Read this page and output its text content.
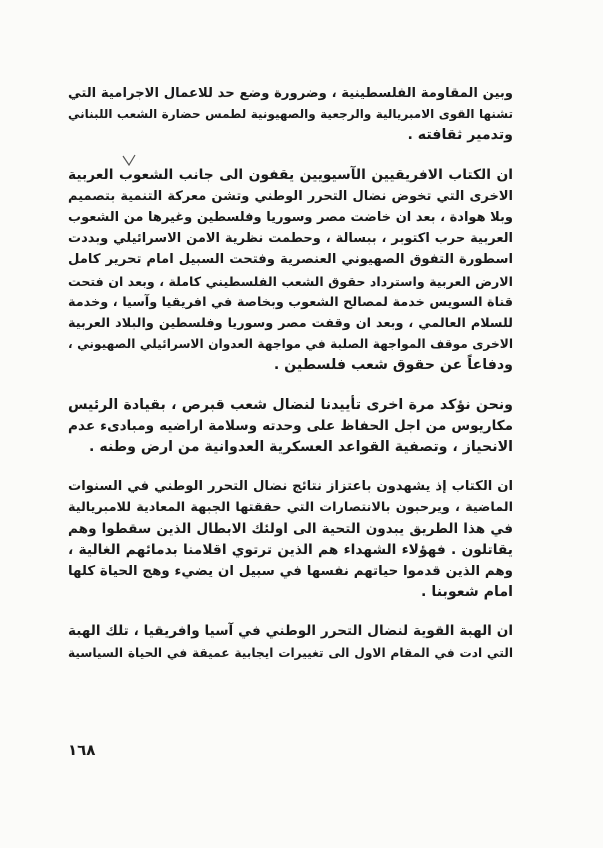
وبين المقاومة الفلسطينية ، وضرورة وضع حد للاعمال الاجرامية التي
تشنها القوى الامبريالية والرجعية والصهيونية لطمس حضارة الشعب اللبناني
وتدمير ثقافته .
ان الكتاب الافريقيين الآسيويين يقفون الى جانب الشعوب العربية
الاخرى التي تخوض نضال التحرر الوطني وتشن معركة التنمية بتصميم
وبلا هوادة ، بعد ان خاضت مصر وسوريا وفلسطين وغيرها من الشعوب
العربية حرب اكتوبر ، ببسالة ، وحطمت نظرية الامن الاسرائيلي وبددت
اسطورة التفوق الصهيوني العنصرية وفتحت السبيل امام تحرير كامل
الارض العربية واسترداد حقوق الشعب الفلسطيني كاملة ، وبعد ان فتحت
قناة السويس خدمة لمصالح الشعوب وبخاصة في افريقيا وآسيا ، وخدمة
للسلام العالمي ، وبعد ان وقفت مصر وسوريا وفلسطين والبلاد العربية
الاخرى موقف المواجهة الصلبة في مواجهة العدوان الاسرائيلي الصهيوني ،
ودفاعاً عن حقوق شعب فلسطين .
ونحن نؤكد مرة اخرى تأييدنا لنضال شعب قبرص ، بقيادة الرئيس
مكاريوس من اجل الحفاظ على وحدته وسلامة اراضيه ومبادىء عدم
الانحياز ، وتصفية القواعد العسكرية العدوانية من ارض وطنه .
ان الكتاب إذ يشهدون باعتزاز نتائج نضال التحرر الوطني في السنوات
الماضية ، ويرحبون بالانتصارات التي حققتها الجبهة المعادية للامبريالية
في هذا الطريق يبدون التحية الى اولئك الابطال الذين سقطوا وهم
يقاتلون . فهؤلاء الشهداء هم الذين ترتوي اقلامنا بدمائهم الغالية ،
وهم الذين قدموا حياتهم نفسها في سبيل ان يضيء وهج الحياة كلها
امام شعوبنا .
ان الهبة القوية لنضال التحرر الوطني في آسيا وافريقيا ، تلك الهبة
التي ادت في المقام الاول الى تغييرات ايجابية عميقة في الحياة السياسية
١٦٨
